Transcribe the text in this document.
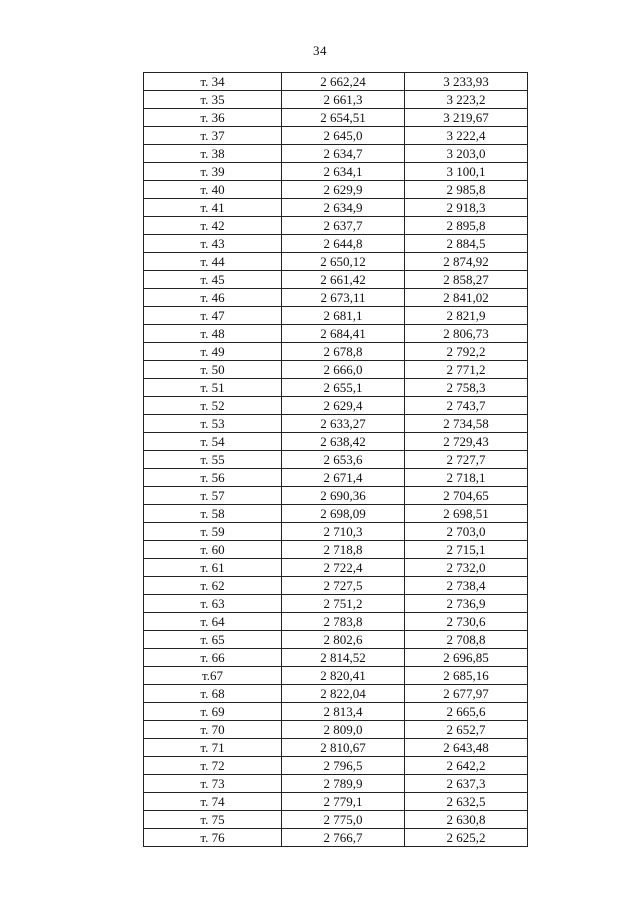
34
т. 34	2 662,24	3 233,93
т. 35	2 661,3	3 223,2
т. 36	2 654,51	3 219,67
т. 37	2 645,0	3 222,4
т. 38	2 634,7	3 203,0
т. 39	2 634,1	3 100,1
т. 40	2 629,9	2 985,8
т. 41	2 634,9	2 918,3
т. 42	2 637,7	2 895,8
т. 43	2 644,8	2 884,5
т. 44	2 650,12	2 874,92
т. 45	2 661,42	2 858,27
т. 46	2 673,11	2 841,02
т. 47	2 681,1	2 821,9
т. 48	2 684,41	2 806,73
т. 49	2 678,8	2 792,2
т. 50	2 666,0	2 771,2
т. 51	2 655,1	2 758,3
т. 52	2 629,4	2 743,7
т. 53	2 633,27	2 734,58
т. 54	2 638,42	2 729,43
т. 55	2 653,6	2 727,7
т. 56	2 671,4	2 718,1
т. 57	2 690,36	2 704,65
т. 58	2 698,09	2 698,51
т. 59	2 710,3	2 703,0
т. 60	2 718,8	2 715,1
т. 61	2 722,4	2 732,0
т. 62	2 727,5	2 738,4
т. 63	2 751,2	2 736,9
т. 64	2 783,8	2 730,6
т. 65	2 802,6	2 708,8
т. 66	2 814,52	2 696,85
т.67	2 820,41	2 685,16
т. 68	2 822,04	2 677,97
т. 69	2 813,4	2 665,6
т. 70	2 809,0	2 652,7
т. 71	2 810,67	2 643,48
т. 72	2 796,5	2 642,2
т. 73	2 789,9	2 637,3
т. 74	2 779,1	2 632,5
т. 75	2 775,0	2 630,8
т. 76	2 766,7	2 625,2
